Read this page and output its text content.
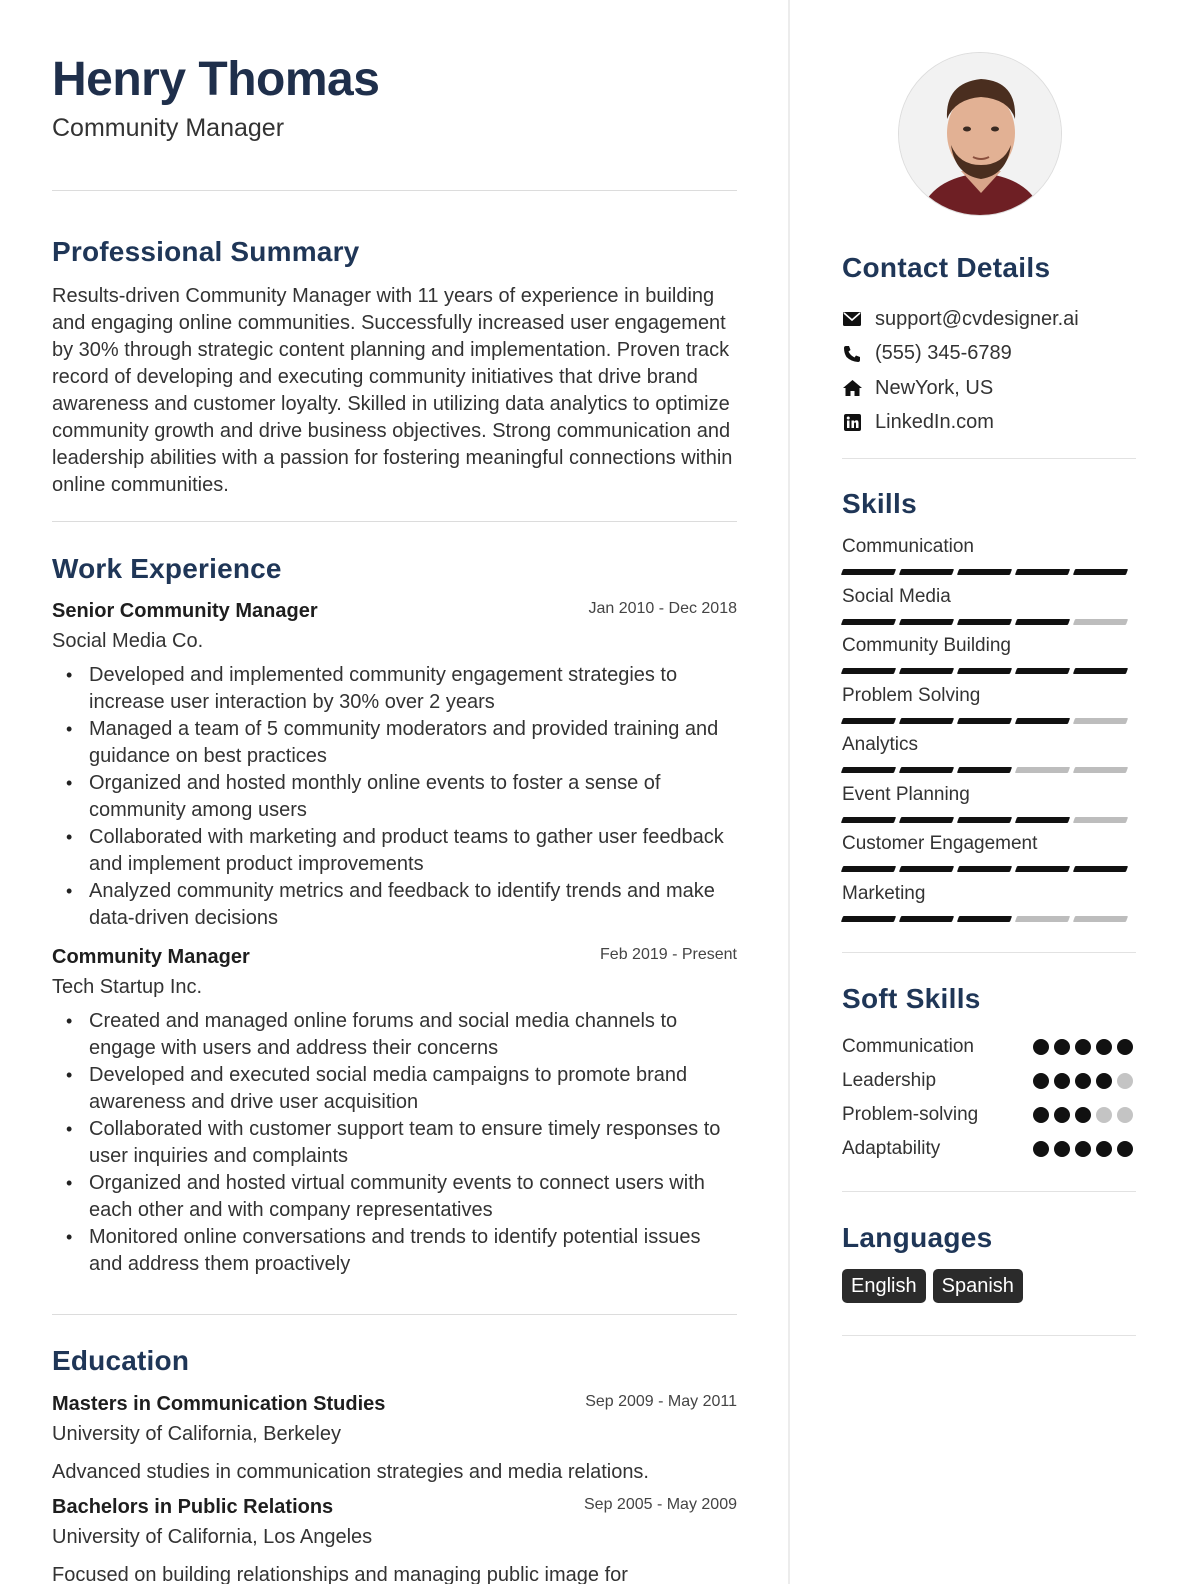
Henry Thomas
Community Manager
Professional Summary
Results-driven Community Manager with 11 years of experience in building and engaging online communities. Successfully increased user engagement by 30% through strategic content planning and implementation. Proven track record of developing and executing community initiatives that drive brand awareness and customer loyalty. Skilled in utilizing data analytics to optimize community growth and drive business objectives. Strong communication and leadership abilities with a passion for fostering meaningful connections within online communities.
Work Experience
Senior Community Manager	Jan 2010 - Dec 2018
Social Media Co.
• Developed and implemented community engagement strategies to increase user interaction by 30% over 2 years
• Managed a team of 5 community moderators and provided training and guidance on best practices
• Organized and hosted monthly online events to foster a sense of community among users
• Collaborated with marketing and product teams to gather user feedback and implement product improvements
• Analyzed community metrics and feedback to identify trends and make data-driven decisions
Community Manager	Feb 2019 - Present
Tech Startup Inc.
• Created and managed online forums and social media channels to engage with users and address their concerns
• Developed and executed social media campaigns to promote brand awareness and drive user acquisition
• Collaborated with customer support team to ensure timely responses to user inquiries and complaints
• Organized and hosted virtual community events to connect users with each other and with company representatives
• Monitored online conversations and trends to identify potential issues and address them proactively
Education
Masters in Communication Studies	Sep 2009 - May 2011
University of California, Berkeley
Advanced studies in communication strategies and media relations.
Bachelors in Public Relations	Sep 2005 - May 2009
University of California, Los Angeles
Focused on building relationships and managing public image for
Contact Details
support@cvdesigner.ai
(555) 345-6789
NewYork, US
LinkedIn.com
Skills
Communication
Social Media
Community Building
Problem Solving
Analytics
Event Planning
Customer Engagement
Marketing
Soft Skills
Communication
Leadership
Problem-solving
Adaptability
Languages
English	Spanish
